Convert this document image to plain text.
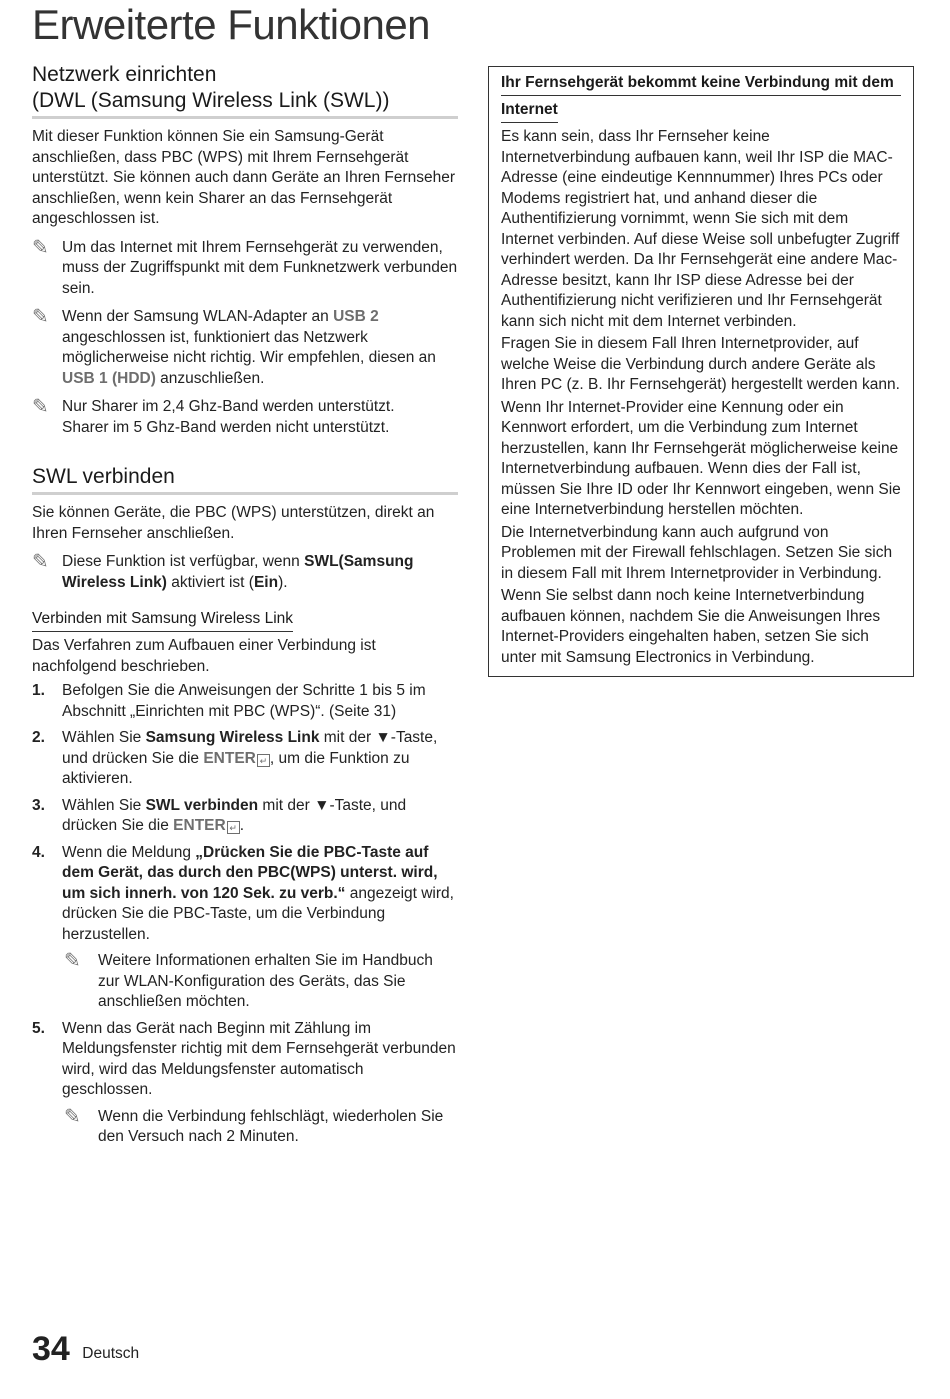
Erweiterte Funktionen
Netzwerk einrichten
(DWL (Samsung Wireless Link (SWL))

Mit dieser Funktion können Sie ein Samsung-Gerät anschließen, dass PBC (WPS) mit Ihrem Fernsehgerät unterstützt. Sie können auch dann Geräte an Ihren Fernseher anschließen, wenn kein Sharer an das Fernsehgerät angeschlossen ist.

✎ Um das Internet mit Ihrem Fernsehgerät zu verwenden, muss der Zugriffspunkt mit dem Funknetzwerk verbunden sein.
✎ Wenn der Samsung WLAN-Adapter an USB 2 angeschlossen ist, funktioniert das Netzwerk möglicherweise nicht richtig. Wir empfehlen, diesen an USB 1 (HDD) anzuschließen.
✎ Nur Sharer im 2,4 Ghz-Band werden unterstützt.
Sharer im 5 Ghz-Band werden nicht unterstützt.
SWL verbinden

Sie können Geräte, die PBC (WPS) unterstützen, direkt an Ihren Fernseher anschließen.

✎ Diese Funktion ist verfügbar, wenn SWL(Samsung Wireless Link) aktiviert ist (Ein).
Verbinden mit Samsung Wireless Link

Das Verfahren zum Aufbauen einer Verbindung ist nachfolgend beschrieben.

1. Befolgen Sie die Anweisungen der Schritte 1 bis 5 im Abschnitt „Einrichten mit PBC (WPS)“. (Seite 31)
2. Wählen Sie Samsung Wireless Link mit der ▼-Taste, und drücken Sie die ENTER ↵ , um die Funktion zu aktivieren.
3. Wählen Sie SWL verbinden mit der ▼-Taste, und drücken Sie die ENTER ↵ .
4. Wenn die Meldung „Drücken Sie die PBC-Taste auf dem Gerät, das durch den PBC(WPS) unterst. wird, um sich innerh. von 120 Sek. zu verb.“ angezeigt wird, drücken Sie die PBC-Taste, um die Verbindung herzustellen.
✎ Weitere Informationen erhalten Sie im Handbuch zur WLAN-Konfiguration des Geräts, das Sie anschließen möchten.
5. Wenn das Gerät nach Beginn mit Zählung im Meldungsfenster richtig mit dem Fernsehgerät verbunden wird, wird das Meldungsfenster automatisch geschlossen.
✎ Wenn die Verbindung fehlschlägt, wiederholen Sie den Versuch nach 2 Minuten.
Ihr Fernsehgerät bekommt keine Verbindung mit dem
Internet

Es kann sein, dass Ihr Fernseher keine Internetverbindung aufbauen kann, weil Ihr ISP die MAC-Adresse (eine eindeutige Kennnummer) Ihres PCs oder Modems registriert hat, und anhand dieser die Authentifizierung vornimmt, wenn Sie sich mit dem Internet verbinden. Auf diese Weise soll unbefugter Zugriff verhindert werden. Da Ihr Fernsehgerät eine andere Mac-Adresse besitzt, kann Ihr ISP diese Adresse bei der Authentifizierung nicht verifizieren und Ihr Fernsehgerät kann sich nicht mit dem Internet verbinden.

Fragen Sie in diesem Fall Ihren Internetprovider, auf welche Weise die Verbindung durch andere Geräte als Ihren PC (z. B. Ihr Fernsehgerät) hergestellt werden kann.

Wenn Ihr Internet-Provider eine Kennung oder ein Kennwort erfordert, um die Verbindung zum Internet herzustellen, kann Ihr Fernsehgerät möglicherweise keine Internetverbindung aufbauen. Wenn dies der Fall ist, müssen Sie Ihre ID oder Ihr Kennwort eingeben, wenn Sie eine Internetverbindung herstellen möchten.

Die Internetverbindung kann auch aufgrund von Problemen mit der Firewall fehlschlagen. Setzen Sie sich in diesem Fall mit Ihrem Internetprovider in Verbindung.

Wenn Sie selbst dann noch keine Internetverbindung aufbauen können, nachdem Sie die Anweisungen Ihres Internet-Providers eingehalten haben, setzen Sie sich unter mit Samsung Electronics in Verbindung.

34 Deutsch
